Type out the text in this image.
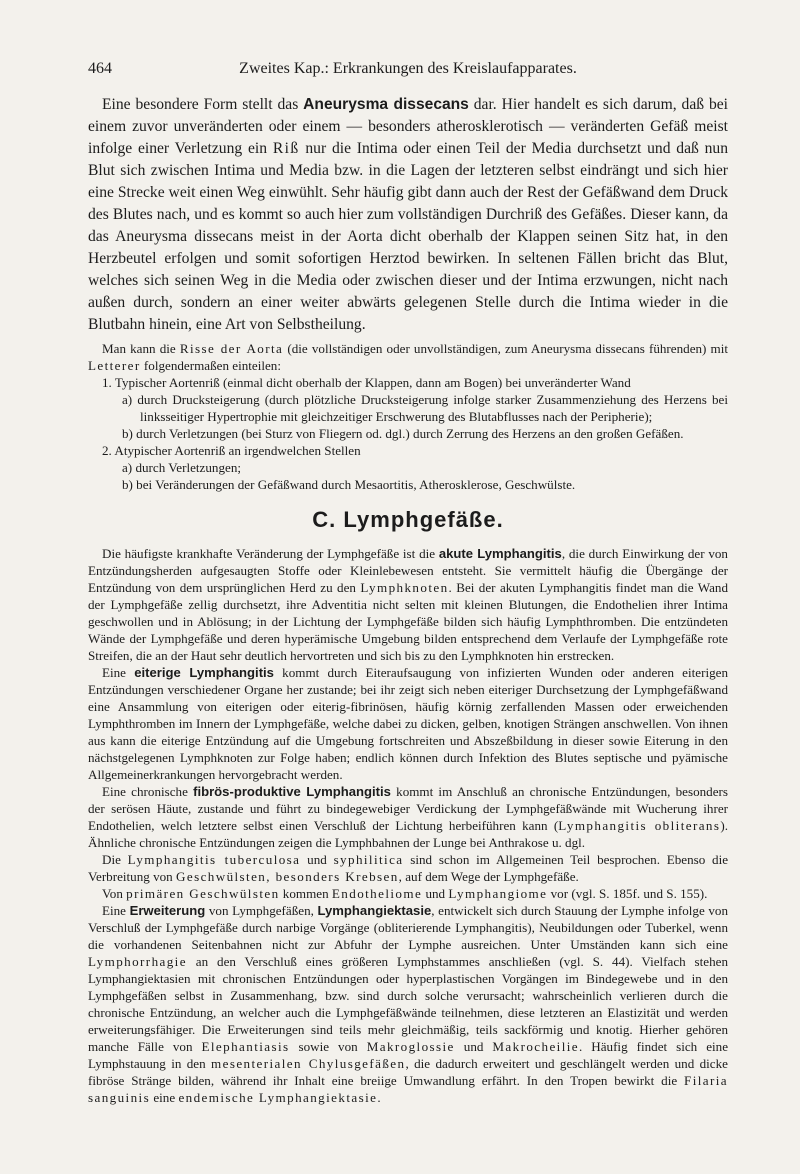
464	Zweites Kap.: Erkrankungen des Kreislaufapparates.

Eine besondere Form stellt das Aneurysma dissecans dar. Hier handelt es sich darum, daß bei einem zuvor unveränderten oder einem — besonders atherosklerotisch — veränderten Gefäß meist infolge einer Verletzung ein Riß nur die Intima oder einen Teil der Media durchsetzt und daß nun Blut sich zwischen Intima und Media bzw. in die Lagen der letzteren selbst eindrängt und sich hier eine Strecke weit einen Weg einwühlt. Sehr häufig gibt dann auch der Rest der Gefäßwand dem Druck des Blutes nach, und es kommt so auch hier zum vollständigen Durchriß des Gefäßes. Dieser kann, da das Aneurysma dissecans meist in der Aorta dicht oberhalb der Klappen seinen Sitz hat, in den Herzbeutel erfolgen und somit sofortigen Herztod bewirken. In seltenen Fällen bricht das Blut, welches sich seinen Weg in die Media oder zwischen dieser und der Intima erzwungen, nicht nach außen durch, sondern an einer weiter abwärts gelegenen Stelle durch die Intima wieder in die Blutbahn hinein, eine Art von Selbstheilung.

Man kann die Risse der Aorta (die vollständigen oder unvollständigen, zum Aneurysma dissecans führenden) mit Letterer folgendermaßen einteilen:

1. Typischer Aortenriß (einmal dicht oberhalb der Klappen, dann am Bogen) bei unveränderter Wand

a) durch Drucksteigerung (durch plötzliche Drucksteigerung infolge starker Zusammenziehung des Herzens bei linksseitiger Hypertrophie mit gleichzeitiger Erschwerung des Blutabflusses nach der Peripherie);

b) durch Verletzungen (bei Sturz von Fliegern od. dgl.) durch Zerrung des Herzens an den großen Gefäßen.

2. Atypischer Aortenriß an irgendwelchen Stellen

a) durch Verletzungen;

b) bei Veränderungen der Gefäßwand durch Mesaortitis, Atherosklerose, Geschwülste.

C. Lymphgefäße.

Die häufigste krankhafte Veränderung der Lymphgefäße ist die akute Lymphangitis, die durch Einwirkung der von Entzündungsherden aufgesaugten Stoffe oder Kleinlebewesen entsteht. Sie vermittelt häufig die Übergänge der Entzündung von dem ursprünglichen Herd zu den Lymphknoten. Bei der akuten Lymphangitis findet man die Wand der Lymphgefäße zellig durchsetzt, ihre Adventitia nicht selten mit kleinen Blutungen, die Endothelien ihrer Intima geschwollen und in Ablösung; in der Lichtung der Lymphgefäße bilden sich häufig Lymphthromben. Die entzündeten Wände der Lymphgefäße und deren hyperämische Umgebung bilden entsprechend dem Verlaufe der Lymphgefäße rote Streifen, die an der Haut sehr deutlich hervortreten und sich bis zu den Lymphknoten hin erstrecken.

Eine eiterige Lymphangitis kommt durch Eiteraufsaugung von infizierten Wunden oder anderen eiterigen Entzündungen verschiedener Organe her zustande; bei ihr zeigt sich neben eiteriger Durchsetzung der Lymphgefäßwand eine Ansammlung von eiterigen oder eiterig-fibrinösen, häufig körnig zerfallenden Massen oder erweichenden Lymphthromben im Innern der Lymphgefäße, welche dabei zu dicken, gelben, knotigen Strängen anschwellen. Von ihnen aus kann die eiterige Entzündung auf die Umgebung fortschreiten und Abszeßbildung in dieser sowie Eiterung in den nächstgelegenen Lymphknoten zur Folge haben; endlich können durch Infektion des Blutes septische und pyämische Allgemeinerkrankungen hervorgebracht werden.

Eine chronische fibrös-produktive Lymphangitis kommt im Anschluß an chronische Entzündungen, besonders der serösen Häute, zustande und führt zu bindegewebiger Verdickung der Lymphgefäßwände mit Wucherung ihrer Endothelien, welch letztere selbst einen Verschluß der Lichtung herbeiführen kann (Lymphangitis obliterans). Ähnliche chronische Entzündungen zeigen die Lymphbahnen der Lunge bei Anthrakose u. dgl.

Die Lymphangitis tuberculosa und syphilitica sind schon im Allgemeinen Teil besprochen. Ebenso die Verbreitung von Geschwülsten, besonders Krebsen, auf dem Wege der Lymphgefäße.

Von primären Geschwülsten kommen Endotheliome und Lymphangiome vor (vgl. S. 185f. und S. 155).

Eine Erweiterung von Lymphgefäßen, Lymphangiektasie, entwickelt sich durch Stauung der Lymphe infolge von Verschluß der Lymphgefäße durch narbige Vorgänge (obliterierende Lymphangitis), Neubildungen oder Tuberkel, wenn die vorhandenen Seitenbahnen nicht zur Abfuhr der Lymphe ausreichen. Unter Umständen kann sich eine Lymphorrhagie an den Verschluß eines größeren Lymphstammes anschließen (vgl. S. 44). Vielfach stehen Lymphangiektasien mit chronischen Entzündungen oder hyperplastischen Vorgängen im Bindegewebe und in den Lymphgefäßen selbst in Zusammenhang, bzw. sind durch solche verursacht; wahrscheinlich verlieren durch die chronische Entzündung, an welcher auch die Lymphgefäßwände teilnehmen, diese letzteren an Elastizität und werden erweiterungsfähiger. Die Erweiterungen sind teils mehr gleichmäßig, teils sackförmig und knotig. Hierher gehören manche Fälle von Elephantiasis sowie von Makroglossie und Makrocheilie. Häufig findet sich eine Lymphstauung in den mesenterialen Chylusgefäßen, die dadurch erweitert und geschlängelt werden und dicke fibröse Stränge bilden, während ihr Inhalt eine breiige Umwandlung erfährt. In den Tropen bewirkt die Filaria sanguinis eine endemische Lymphangiektasie.
